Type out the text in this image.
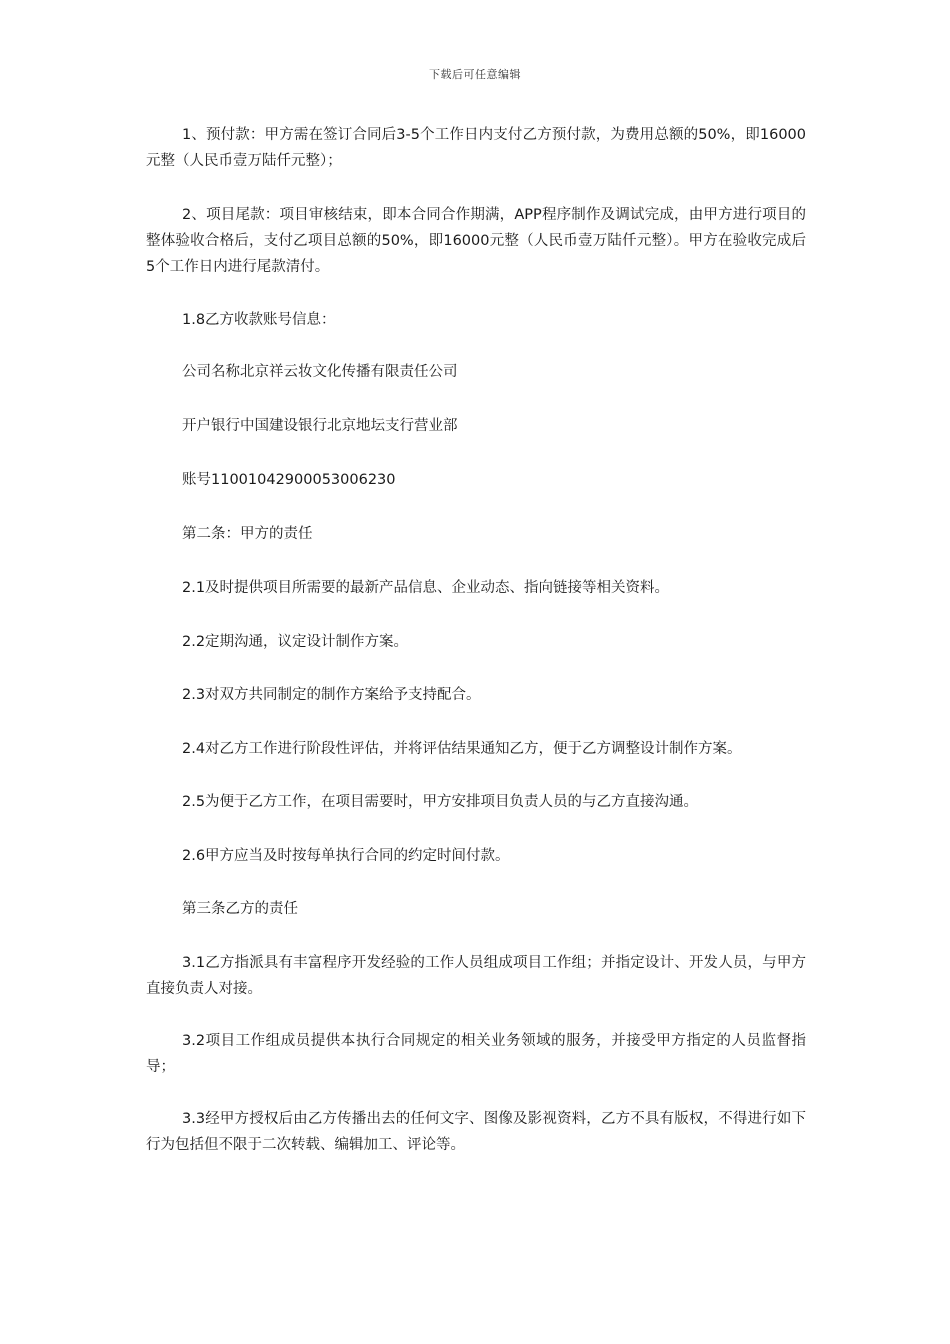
下载后可任意编辑

1、预付款：甲方需在签订合同后3-5个工作日内支付乙方预付款，为费用总额的50%，即16000元整（人民币壹万陆仟元整）；

2、项目尾款：项目审核结束，即本合同合作期满，APP程序制作及调试完成，由甲方进行项目的整体验收合格后，支付乙项目总额的50%，即16000元整（人民币壹万陆仟元整）。甲方在验收完成后5个工作日内进行尾款清付。

1.8乙方收款账号信息：

公司名称北京祥云妆文化传播有限责任公司

开户银行中国建设银行北京地坛支行营业部

账号11001042900053006230

第二条：甲方的责任

2.1及时提供项目所需要的最新产品信息、企业动态、指向链接等相关资料。

2.2定期沟通，议定设计制作方案。

2.3对双方共同制定的制作方案给予支持配合。

2.4对乙方工作进行阶段性评估，并将评估结果通知乙方，便于乙方调整设计制作方案。

2.5为便于乙方工作，在项目需要时，甲方安排项目负责人员的与乙方直接沟通。

2.6甲方应当及时按每单执行合同的约定时间付款。

第三条乙方的责任

3.1乙方指派具有丰富程序开发经验的工作人员组成项目工作组；并指定设计、开发人员，与甲方直接负责人对接。

3.2项目工作组成员提供本执行合同规定的相关业务领域的服务，并接受甲方指定的人员监督指导；

3.3经甲方授权后由乙方传播出去的任何文字、图像及影视资料，乙方不具有版权，不得进行如下行为包括但不限于二次转载、编辑加工、评论等。
